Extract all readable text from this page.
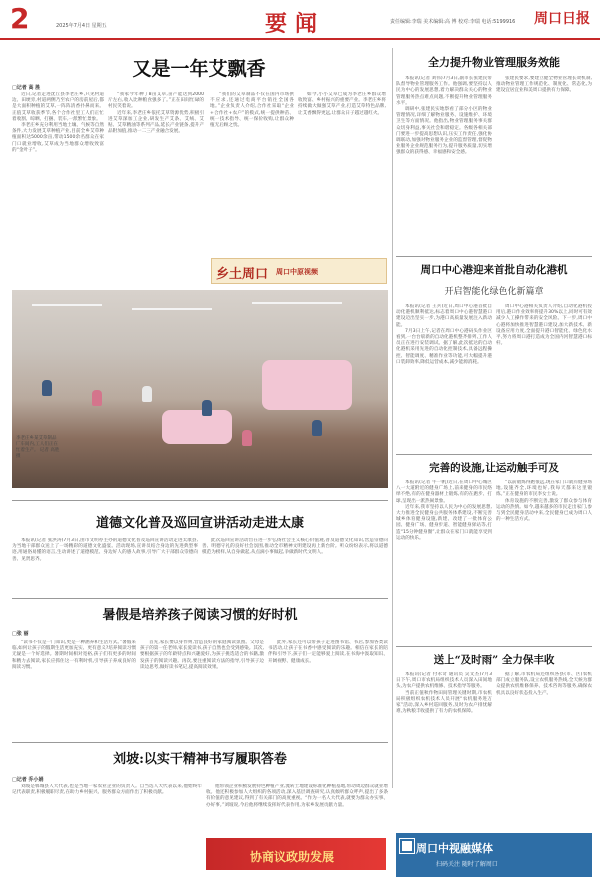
2	2025年7月4日 星期五	要闻	责任编辑:李瑞 美术编辑:高 博 校对:李瑞 电话:5199916 周口日报
又是一年艾飘香
□记者 高 胜

近日,记者走进沈丘县李老庄乡,只见村道边、田埂旁,村道两侧乃至农户的房前屋后,都是大面积种植的艾草,一阵阵清香扑鼻而来。正值艾草收获季节,各个合作社里工人们正忙着收割、晾晒、打捆、装车,一派繁忙景象。

李老庄乡充分利用当地土壤、气候等自然条件,大力发展艾草种植产业,目前全乡艾草种植面积达5000余亩,带动1500余名群众在家门口就业增收,艾草成为当地群众增收致富的“金叶子”。

“我家今年种了8亩艾草,亩产能达到2000斤左右,收入比种粮食强多了。”正在田间忙碌的村民笑着说。

近年来,李老庄乡依托艾草资源优势,积极引进艾草深加工企业,研发生产艾条、艾绒、艾贴、艾草精油等系列产品,延长产业链条,提升产品附加值,推动一二三产业融合发展。

“我们的艾草制品不仅在国内市场供不应求,还通过电商平台销往全国各地。”企业负责人介绍,合作社采取“企业+合作社+农户”的模式,统一提供种苗、统一技术指导、统一保价收购,让群众种植无后顾之忧。

如今,小小艾草已成为李老庄乡群众增收致富、乡村振兴的重要产业。李老庄乡将持续做大做强艾草产业,打造艾草特色品牌,让艾香飘得更远,让群众日子越过越红火。

乡土周口 周口中原视频
李老庄乡某艾草制品厂车间内,工人们正在忙着生产。 记者 高胜 摄
道德文化普及巡回宣讲活动走进太康

本报讯(记者 张洪涛)7月3日,由市文明办主办的道德文化普及巡回宣讲活动走进太康县,为当地干部群众送上了一场精彩的道德文化盛宴。活动现场,宣讲员结合身边的先进典型事迹,用通俗易懂的语言,生动讲述了道德模范、身边好人的感人故事,引导广大干部群众崇德向善、见贤思齐。

此次巡回宣讲活动旨在进一步弘扬社会主义核心价值观,普及道德文化知识,营造崇德向善、明德守礼的良好社会氛围,推动全市精神文明建设再上新台阶。听众纷纷表示,将以道德模范为榜样,从自身做起,从点滴小事做起,争做新时代文明人。

暑假是培养孩子阅读习惯的好时机
□张 丽

“读书不仅是一门知识,更是一种涵养和生活方式。”暑假来临,如何让孩子的假期生活更加充实、更有意义?培养阅读习惯无疑是一个好选择。暑期时间相对宽裕,孩子们有更多的时间和精力去阅读,家长应抓住这一有利时机,引导孩子养成良好的阅读习惯。

首先,家长要以身作则,营造良好的家庭阅读氛围。父母是孩子的第一任老师,家长爱读书,孩子自然也会受到感染。其次,要根据孩子的年龄特点和兴趣爱好,为孩子挑选适合的书籍,激发孩子的阅读兴趣。再次,要注重阅读方法的指导,引导孩子边读边思考,做好读书笔记,提高阅读效果。

此外,家长还可以带孩子走进图书馆、书店,参加各类读书活动,让孩子在书香中感受阅读的乐趣。相信在家长的陪伴和引导下,孩子们一定能够爱上阅读,在书海中汲取知识、开阔视野、健康成长。

刘坡:以实干精神书写履职答卷
□记者 乔小娟

刘坡是郸城县人大代表,也是当地一家农业企业的负责人。自当选人大代表以来,他始终牢记代表职责,积极履职尽责,在助力乡村振兴、服务群众方面作出了积极贡献。

他带领企业积极发展特色种植产业,流转土地建设标准化种植基地,带动周边群众就业增收。他还积极参加人大组织的各项活动,深入基层调查研究,认真倾听群众呼声,提出了多条有价值的意见建议,得到了有关部门的高度重视。“作为一名人大代表,就要为群众办实事、办好事。”刘坡说,今后他将继续发挥好代表作用,为家乡发展贡献力量。

协商议政助发展
全力提升物业管理服务效能

本报讯(记者 刘伟)7月3日,副市长张建民带队督导物业管理服务工作。他强调,要坚持以人民为中心的发展思想,着力解决群众关心的物业管理服务热点难点问题,不断提升物业管理服务水平。

调研中,张建民实地察看了部分小区的物业管理情况,详细了解物业服务、设施维护、环境卫生等方面情况。他指出,物业管理服务事关群众切身利益,事关社会和谐稳定。各级各相关部门要进一步提高思想认识,压实工作责任,强化协调联动,加强对物业服务企业的监督管理,督促物业服务企业规范服务行为,提升服务质量,切实增强群众的获得感、幸福感和安全感。

张建民要求,要建立健全物业管理长效机制,推动物业管理工作规范化、制度化、常态化,为建设宜居宜业和美周口提供有力保障。

周口中心港迎来首批自动化港机
开启智能化绿色化新篇章

本报讯(记者 王兵)近日,周口中心港首批自动化港机顺利抵达,标志着周口中心港智慧港口建设迈出坚实一步,为港口高质量发展注入新动能。

7月3日上午,记者在周口中心港码头作业区看到,一台台崭新的自动化港机整齐排列,工作人员正在进行安装调试。据了解,此次抵达的自动化港机采用先进的自动化控制技术,具备远程操控、智能调度、精准作业等功能,可大幅提升港口装卸效率,降低运营成本,减少能源消耗。

周口中心港相关负责人介绍,自动化港机投用后,港口作业效率将提升30%以上,同时可有效减少人工操作带来的安全风险。下一步,周口中心港将加快推进智慧港口建设,加大新技术、新设备应用力度,全面提升港口智能化、绿色化水平,努力将周口港打造成为全国内河智慧港口标杆。

完善的设施,让运动触手可及

本报讯(记者 牛一帆)近日,在周口中心城区八一大道附近的健身广场上,前来健身的市民络绎不绝,有的在健身器材上锻炼,有的在跑步、打球,呈现出一派热闹景象。

近年来,我市坚持以人民为中心的发展思想,大力推进全民健身公共服务体系建设,不断完善城乡体育健身设施,新建、改建了一批体育公园、健身广场、健身步道、智能健身驿站等,打造“15分钟健身圈”,让群众在家门口就能享受到运动的快乐。

“以前锻炼得跑很远,现在家门口就有健身场地,设施齐全,环境也好,我每天都来这里锻炼。”正在健身的市民李女士说。

体育设施的不断完善,激发了群众参与体育运动的热情。如今,越来越多的市民走出家门,参与到全民健身活动中来,全民健身已成为周口人的一种生活方式。

送上“及时雨” 全力保丰收

本报讯(记者 付永奇 通讯员 吴文杰)7月3日下午,周口市农机局组织技术人员深入田间地头,为农户提供农机维修、技术指导等服务。

当前正值秋作物田间管理关键时期,市农机局积极组织农机技术人员开展“农机服务进万家”活动,深入乡村巡回服务,及时为农户排忧解难,为秋粮丰收提供了有力的农机保障。

据了解,市农机局还组织各县(市、区)农机部门成立服务队,设立农机服务热线,全天候为群众提供农机维修保养、技术咨询等服务,确保农机具以良好状态投入生产。

周口中视融媒体
扫码关注 随时了解周口
